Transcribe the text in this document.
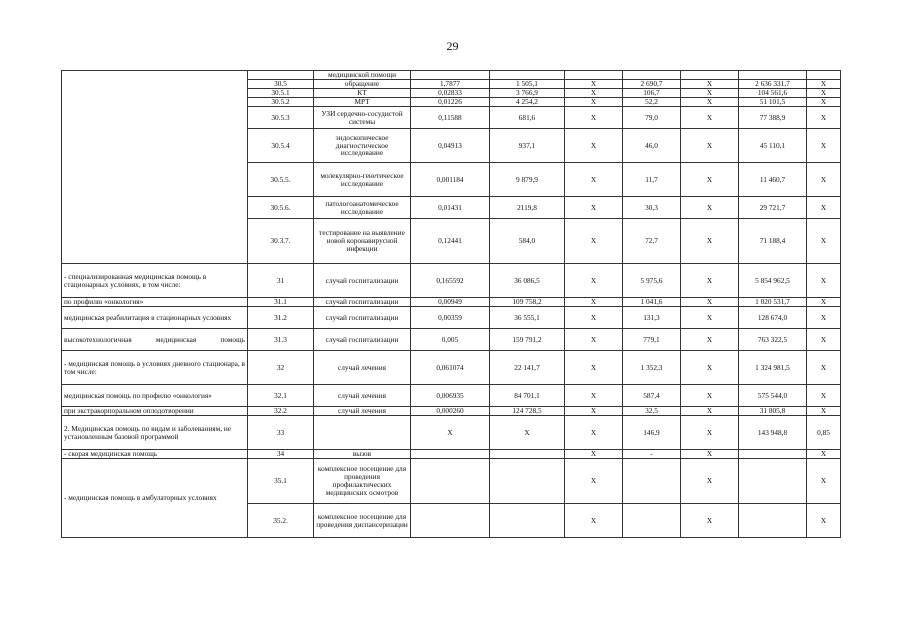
29
		медицинской помощи							
	30.5	обращение	1,7877	1 505,1	X	2 690,7	X	2 636 331,7	X
	30.5.1	КТ	0,02833	3 766,9	X	106,7	X	104 561,6	X
	30.5.2	МРТ	0,01226	4 254,2	X	52,2	X	51 101,5	X
	30.5.3	УЗИ сердечно-сосудистой системы	0,11588	681,6	X	79,0	X	77 388,9	X
	30.5.4	эндоскопическое диагностическое исследование	0,04913	937,1	X	46,0	X	45 110,1	X
	30.5.5.	молекулярно-генетическое исследование	0,001184	9 879,9	X	11,7	X	11 460,7	X
	30.5.6.	патологоанатомическое исследование	0,01431	2119,8	X	30,3	X	29 721,7	X
	30.3.7.	тестирование на выявление новой коронавирусной инфекции	0,12441	584,0	X	72,7	X	71 188,4	X
- специализированная медицинская помощь в стационарных условиях, в том числе:	31	случай госпитализации	0,165592	36 086,5	X	5 975,6	X	5 854 962,5	X
по профилю «онкология»	31.1	случай госпитализации	0,00949	109 758,2	X	1 041,6	X	1 020 531,7	X
медицинская реабилитация в стационарных условиях	31.2	случай госпитализации	0,00359	36 555,1	X	131,3	X	128 674,0	X
высокотехнологичная медицинская помощь	31.3	случай госпитализации	0,005	159 791,2	X	779,1	X	763 322,5	X
- медицинская помощь в условиях дневного стационара, в том числе:	32	случай лечения	0,061074	22 141,7	X	1 352,3	X	1 324 981,5	X
медицинская помощь по профилю «онкология»	32.1	случай лечения	0,006935	84 701,1	X	587,4	X	575 544,0	X
при экстракорпоральном оплодотворении	32.2	случай лечения	0,000260	124 728,5	X	32,5	X	31 805,8	X
2. Медицинская помощь по видам и заболеваниям, не установленным базовой программой	33		X	X	X	146,9	X	143 948,8	0,85
- скорая медицинская помощь	34	вызов			X	-	X		X
- медицинская помощь в амбулаторных условиях	35.1	комплексное посещение для проведения профилактических медицинских осмотров			X		X		X
	35.2.	комплексное посещение для проведения диспансеризации			X		X		X
